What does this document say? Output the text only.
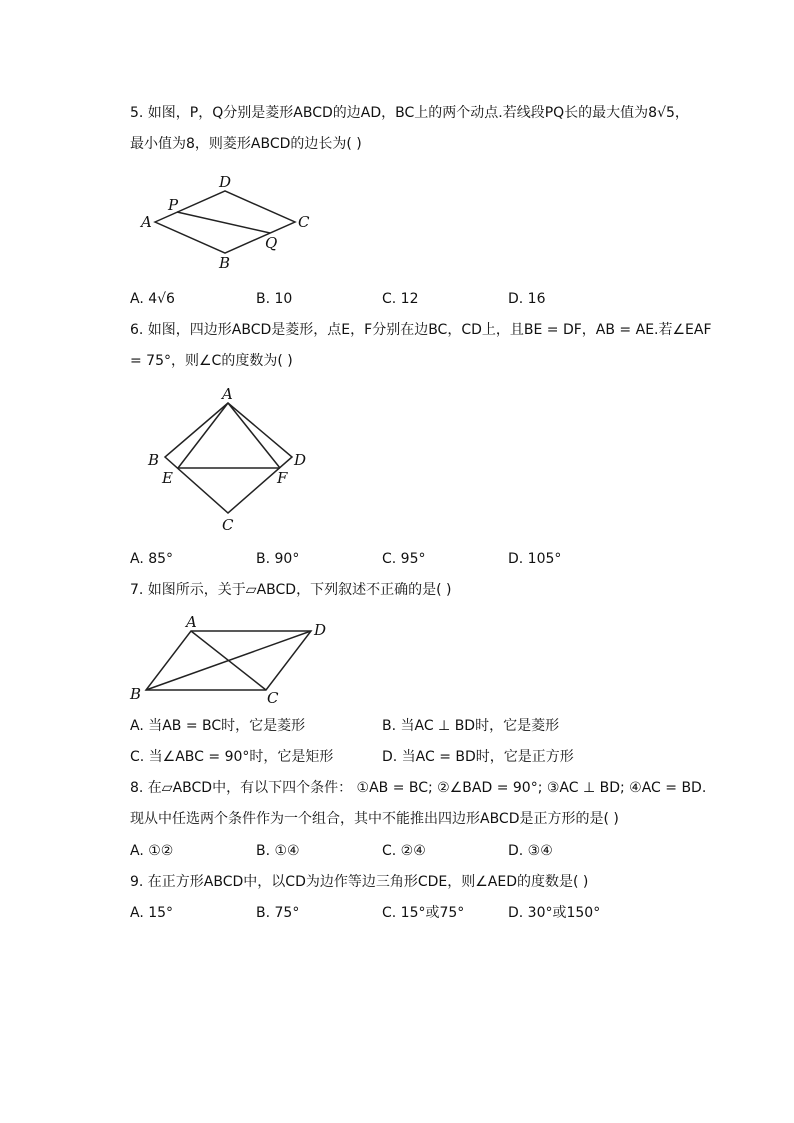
5. 如图，P，Q分别是菱形ABCD的边AD，BC上的两个动点.若线段PQ长的最大值为8√5，
最小值为8，则菱形ABCD的边长为( )
A
D
C
B
P
Q
A. 4√6	B. 10	C. 12	D. 16
6. 如图，四边形ABCD是菱形，点E，F分别在边BC，CD上，且BE = DF，AB = AE.若∠EAF
= 75°，则∠C的度数为( )
A
B
E
D
F
C
A. 85°	B. 90°	C. 95°	D. 105°
7. 如图所示，关于▱ABCD，下列叙述不正确的是( )
A	D
B	C
A. 当AB = BC时，它是菱形	B. 当AC ⊥ BD时，它是菱形
C. 当∠ABC = 90°时，它是矩形	D. 当AC = BD时，它是正方形
8. 在▱ABCD中，有以下四个条件： ①AB = BC; ②∠BAD = 90°; ③AC ⊥ BD; ④AC = BD.
现从中任选两个条件作为一个组合，其中不能推出四边形ABCD是正方形的是( )
A. ①②	B. ①④	C. ②④	D. ③④
9. 在正方形ABCD中，以CD为边作等边三角形CDE，则∠AED的度数是( )
A. 15°	B. 75°	C. 15°或75°	D. 30°或150°
